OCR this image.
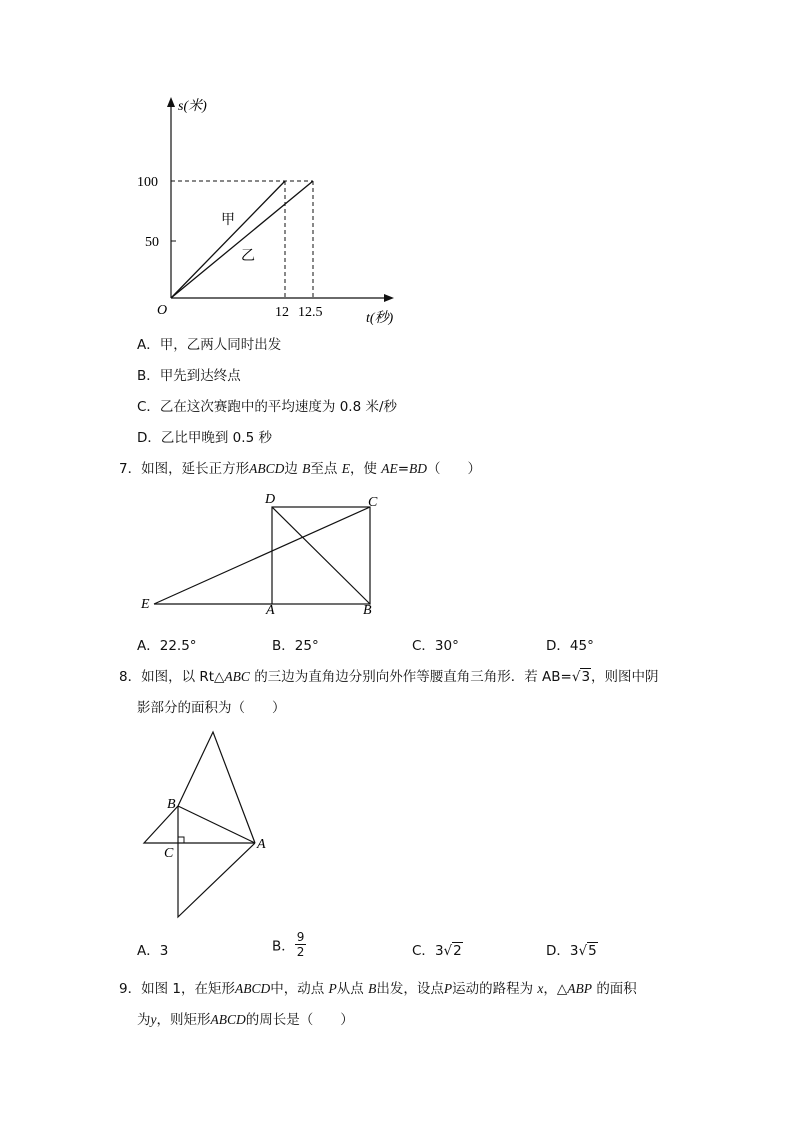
s(米)
100
50
O	12 12.5	t(秒)
甲
乙
A．甲，乙两人同时出发
B．甲先到达终点
C．乙在这次赛跑中的平均速度为 0.8 米/秒
D．乙比甲晚到 0.5 秒
7．如图，延长正方形ABCD边 B至点 E，使 AE=BD（　　）
D	C
E	A	B
A．22.5°	B．25°	C．30°	D．45°
8．如图，以 Rt△ABC 的三边为直角边分别向外作等腰直角三角形．若 AB=√3，则图中阴
影部分的面积为（　　）
B
C
A
A．3	B． $\frac{9}{2}$	C．3√2	D．3√5
9．如图 1，在矩形ABCD中，动点 P从点 B出发，设点P运动的路程为 x，△ABP 的面积
为y，则矩形ABCD的周长是（　　）
